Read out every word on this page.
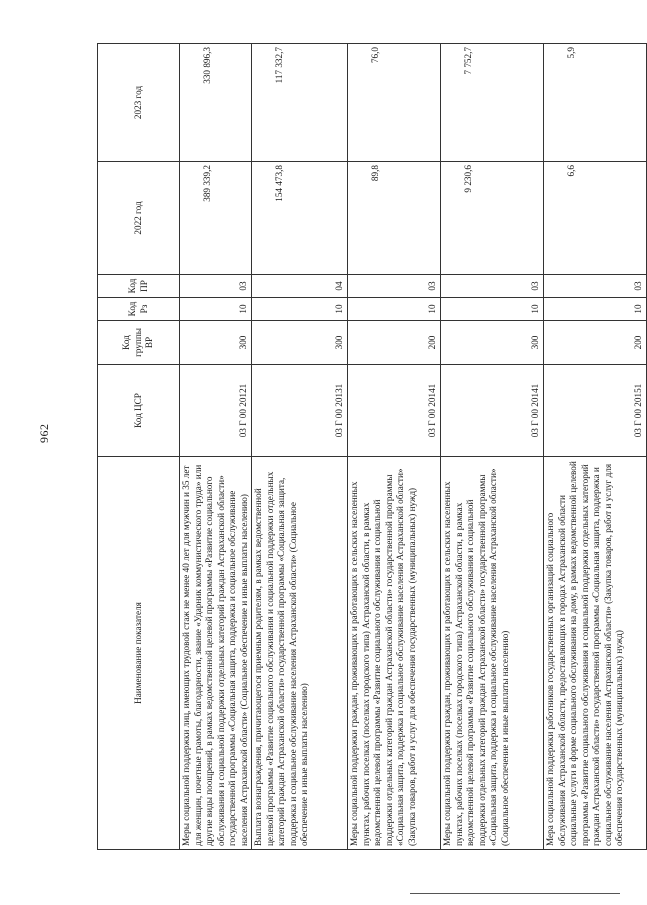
962
Наименование показателя	Код ЦСР	Код группы ВР	Код Рз	Код ПР	2022 год	2023 год
Меры социальной поддержки лиц, имеющих трудовой стаж не менее 40 лет для мужчин и 35 лет для женщин, почетные грамоты, благодарности, звание «Ударник коммунистического труда» или другие виды поощрений, в рамках ведомственной целевой программы «Развитие социального обслуживания и социальной поддержки отдельных категорий граждан Астраханской области» государственной программы «Социальная защита, поддержка и социальное обслуживание населения Астраханской области» (Социальное обеспечение и иные выплаты населению)	03 Г 00 20121	300	10	03	389 339,2	330 896,3
Выплата вознаграждения, причитающегося приемным родителям, в рамках ведомственной целевой программы «Развитие социального обслуживания и социальной поддержки отдельных категорий граждан Астраханской области» государственной программы «Социальная защита, поддержка и социальное обслуживание населения Астраханской области» (Социальное обеспечение и иные выплаты населению)	03 Г 00 20131	300	10	04	154 473,8	117 332,7
Меры социальной поддержки граждан, проживающих и работающих в сельских населенных пунктах, рабочих поселках (поселках городского типа) Астраханской области, в рамках ведомственной целевой программы «Развитие социального обслуживания и социальной поддержки отдельных категорий граждан Астраханской области» государственной программы «Социальная защита, поддержка и социальное обслуживание населения Астраханской области» (Закупка товаров, работ и услуг для обеспечения государственных (муниципальных) нужд)	03 Г 00 20141	200	10	03	89,8	76,0
Меры социальной поддержки граждан, проживающих и работающих в сельских населенных пунктах, рабочих поселках (поселках городского типа) Астраханской области, в рамках ведомственной целевой программы «Развитие социального обслуживания и социальной поддержки отдельных категорий граждан Астраханской области» государственной программы «Социальная защита, поддержка и социальное обслуживание населения Астраханской области» (Социальное обеспечение и иные выплаты населению)	03 Г 00 20141	300	10	03	9 230,6	7 752,7
Мера социальной поддержки работников государственных организаций социального обслуживания Астраханской области, предоставляющих в городах Астраханской области социальные услуги в форме социального обслуживания на дому, в рамках ведомственной целевой программы «Развитие социального обслуживания и социальной поддержки отдельных категорий граждан Астраханской области» государственной программы «Социальная защита, поддержка и социальное обслуживание населения Астраханской области» (Закупка товаров, работ и услуг для обеспечения государственных (муниципальных) нужд)	03 Г 00 20151	200	10	03	6,6	5,9
